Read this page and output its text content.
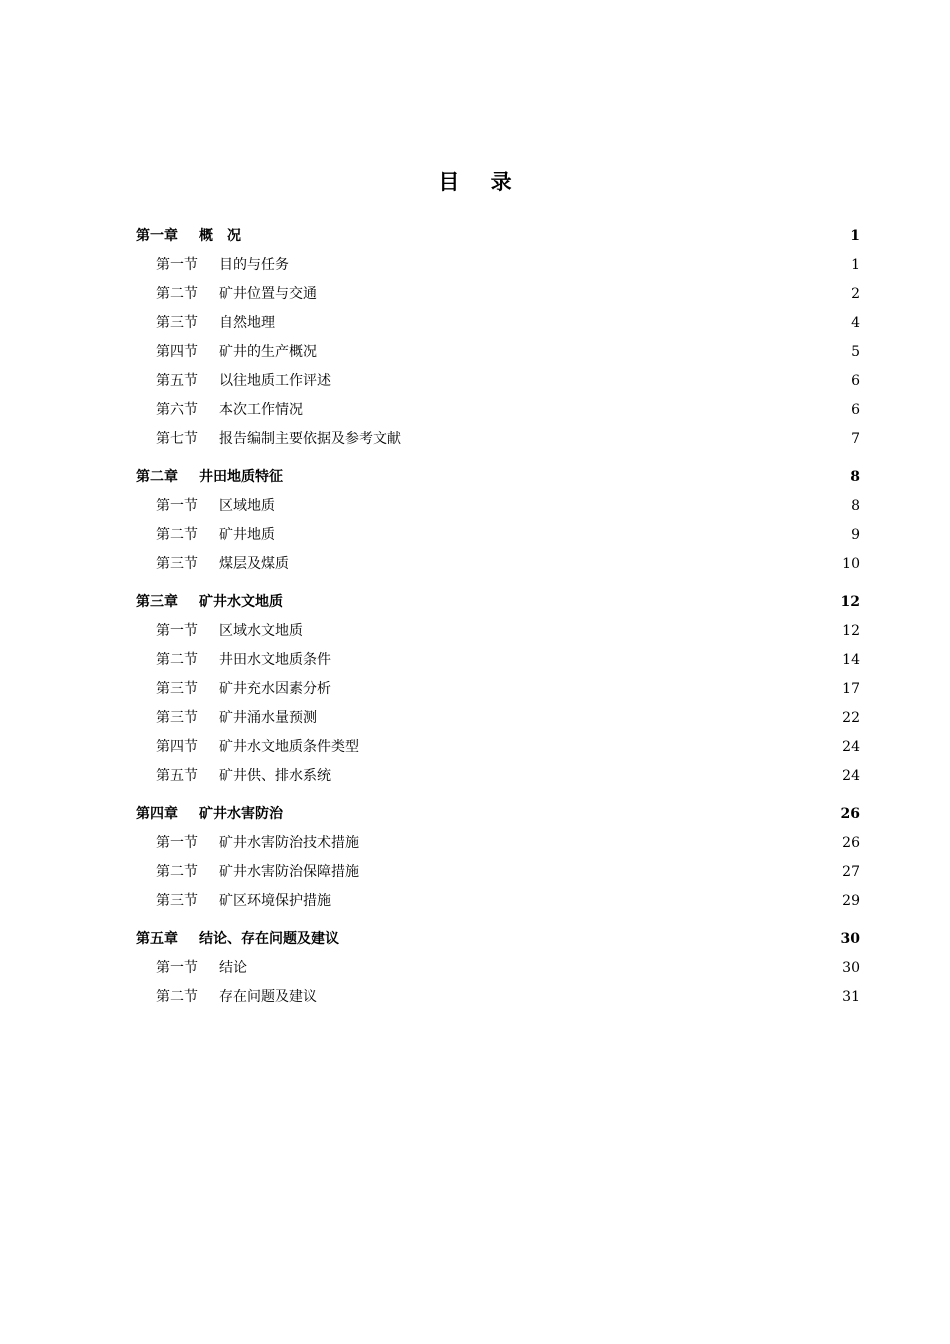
目 录
第一章	概　况 .....	1
第一节	目的与任务 .....	1
第二节	矿井位置与交通 .....	2
第三节	自然地理 .....	4
第四节	矿井的生产概况 .....	5
第五节	以往地质工作评述 .....	6
第六节	本次工作情况 .....	6
第七节	报告编制主要依据及参考文献 .....	7
第二章	井田地质特征 .....	8
第一节	区域地质 .....	8
第二节	矿井地质 .....	9
第三节	煤层及煤质 .....	10
第三章	矿井水文地质 .....	12
第一节	区域水文地质 .....	12
第二节	井田水文地质条件 .....	14
第三节	矿井充水因素分析 .....	17
第三节	矿井涌水量预测 .....	22
第四节	矿井水文地质条件类型 .....	24
第五节	矿井供、排水系统 .....	24
第四章	矿井水害防治 .....	26
第一节	矿井水害防治技术措施 .....	26
第二节	矿井水害防治保障措施 .....	27
第三节	矿区环境保护措施 .....	29
第五章	结论、存在问题及建议 .....	30
第一节	结论 .....	30
第二节	存在问题及建议 .....	31
